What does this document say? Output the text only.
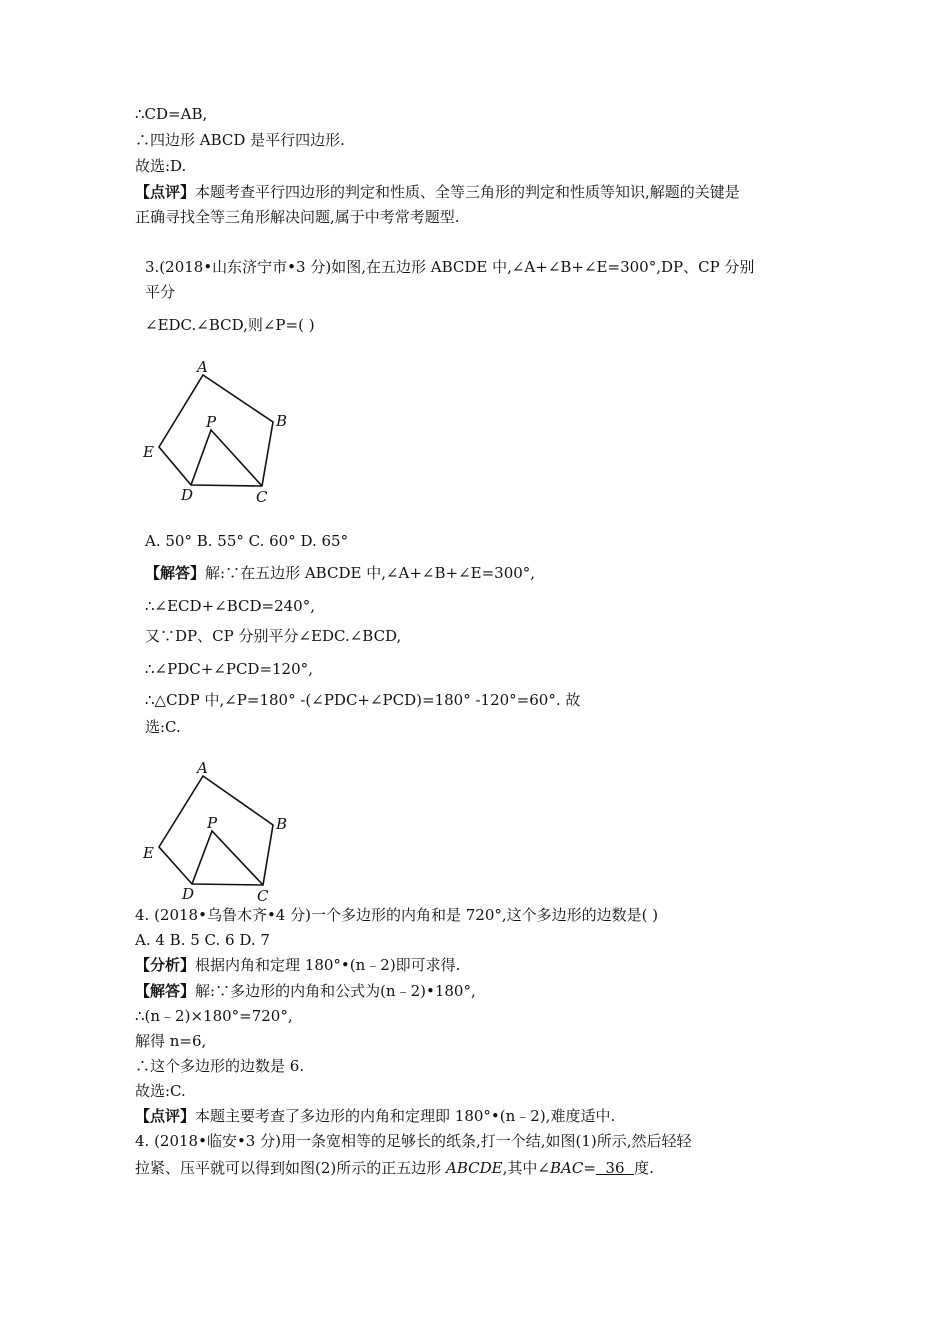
∴CD=AB,
∴四边形 ABCD 是平行四边形.
故选:D.
【点评】本题考查平行四边形的判定和性质、全等三角形的判定和性质等知识,解题的关键是
正确寻找全等三角形解决问题,属于中考常考题型.
3.(2018•山东济宁市•3 分)如图,在五边形 ABCDE 中,∠A+∠B+∠E=300°,DP、CP 分别
平分
∠EDC.∠BCD,则∠P=( )
A
B
C
D
E
P
A. 50° B. 55° C. 60° D. 65°
【解答】解:∵在五边形 ABCDE 中,∠A+∠B+∠E=300°,
∴∠ECD+∠BCD=240°,
又∵DP、CP 分别平分∠EDC.∠BCD,
∴∠PDC+∠PCD=120°,
∴△CDP 中,∠P=180° -(∠PDC+∠PCD)=180° -120°=60°. 故
选:C.
A
B
C
D
E
P
4. (2018•乌鲁木齐•4 分)一个多边形的内角和是 720°,这个多边形的边数是( )
A. 4 B. 5 C. 6 D. 7
【分析】根据内角和定理 180°•(n﹣2)即可求得.
【解答】解:∵多边形的内角和公式为(n﹣2)•180°,
∴(n﹣2)×180°=720°,
解得 n=6,
∴这个多边形的边数是 6.
故选:C.
【点评】本题主要考查了多边形的内角和定理即 180°•(n﹣2),难度适中.
4. (2018•临安•3 分)用一条宽相等的足够长的纸条,打一个结,如图(1)所示,然后轻轻
拉紧、压平就可以得到如图(2)所示的正五边形 ABCDE,其中∠BAC=  36  度.
